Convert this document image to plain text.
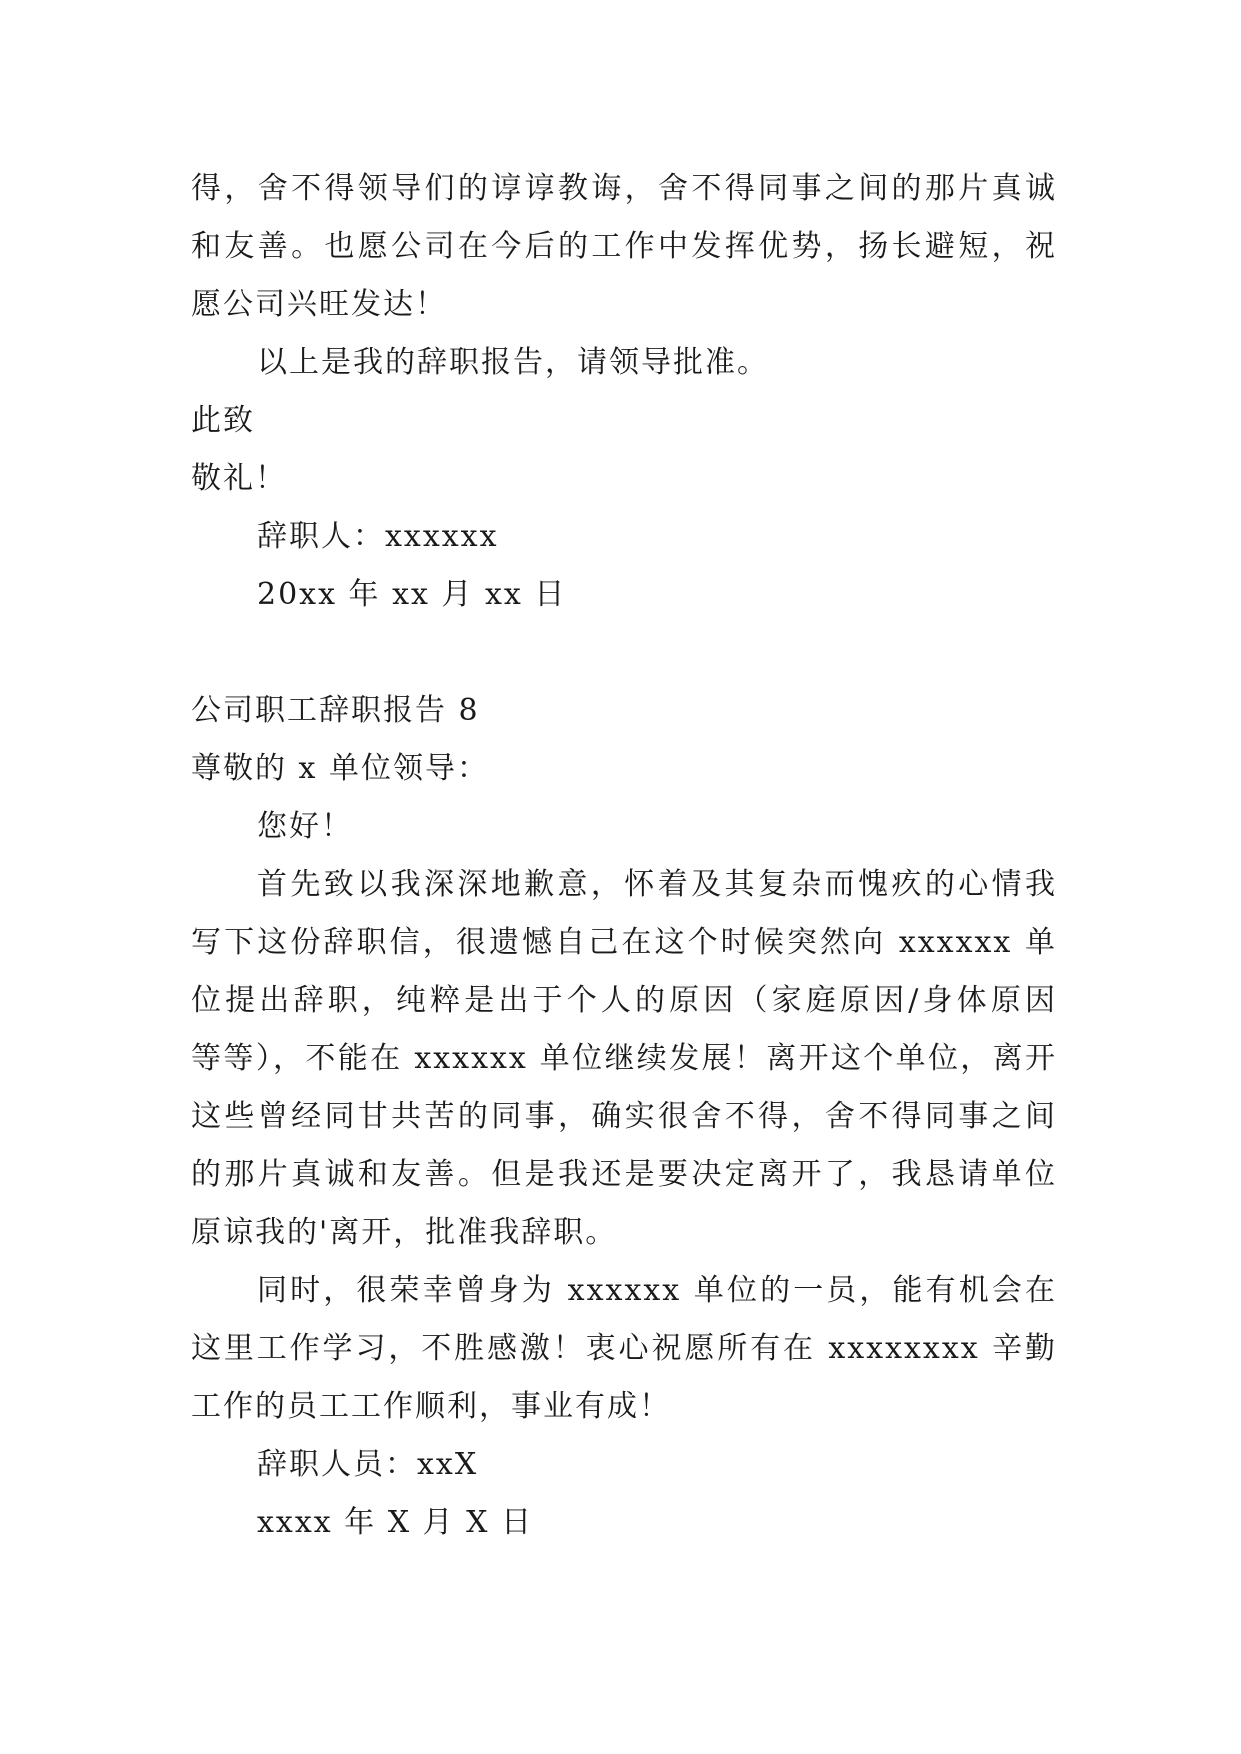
得，舍不得领导们的谆谆教诲，舍不得同事之间的那片真诚
和友善。也愿公司在今后的工作中发挥优势，扬长避短，祝
愿公司兴旺发达！
以上是我的辞职报告，请领导批准。
此致
敬礼！
辞职人：xxxxxx
20xx 年 xx 月 xx 日
公司职工辞职报告 8
尊敬的 x 单位领导：
您好！
首先致以我深深地歉意，怀着及其复杂而愧疚的心情我
写下这份辞职信，很遗憾自己在这个时候突然向 xxxxxx 单
位提出辞职，纯粹是出于个人的原因（家庭原因/身体原因
等等），不能在 xxxxxx 单位继续发展！离开这个单位，离开
这些曾经同甘共苦的同事，确实很舍不得，舍不得同事之间
的那片真诚和友善。但是我还是要决定离开了，我恳请单位
原谅我的'离开，批准我辞职。
同时，很荣幸曾身为 xxxxxx 单位的一员，能有机会在
这里工作学习，不胜感激！衷心祝愿所有在 xxxxxxxx 辛勤
工作的员工工作顺利，事业有成！
辞职人员：xxX
xxxx 年 X 月 X 日
